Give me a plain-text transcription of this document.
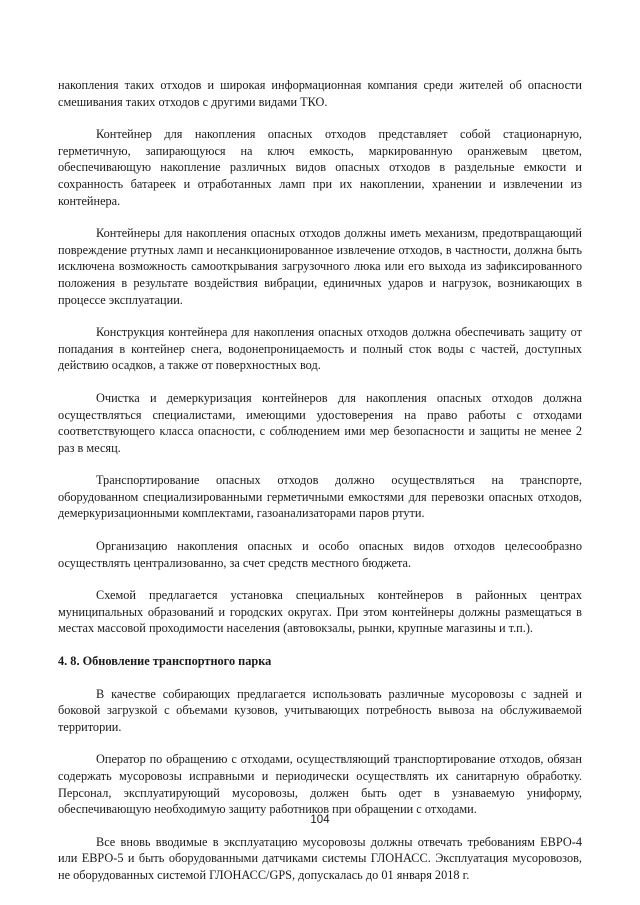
накопления таких отходов и широкая информационная компания среди жителей об опасности смешивания таких отходов с другими видами ТКО.

Контейнер для накопления опасных отходов представляет собой стационарную, герметичную, запирающуюся на ключ емкость, маркированную оранжевым цветом, обеспечивающую накопление различных видов опасных отходов в раздельные емкости и сохранность батареек и отработанных ламп при их накоплении, хранении и извлечении из контейнера.

Контейнеры для накопления опасных отходов должны иметь механизм, предотвращающий повреждение ртутных ламп и несанкционированное извлечение отходов, в частности, должна быть исключена возможность самооткрывания загрузочного люка или его выхода из зафиксированного положения в результате воздействия вибрации, единичных ударов и нагрузок, возникающих в процессе эксплуатации.

Конструкция контейнера для накопления опасных отходов должна обеспечивать защиту от попадания в контейнер снега, водонепроницаемость и полный сток воды с частей, доступных действию осадков, а также от поверхностных вод.

Очистка и демеркуризация контейнеров для накопления опасных отходов должна осуществляться специалистами, имеющими удостоверения на право работы с отходами соответствующего класса опасности, с соблюдением ими мер безопасности и защиты не менее 2 раз в месяц.

Транспортирование опасных отходов должно осуществляться на транспорте, оборудованном специализированными герметичными емкостями для перевозки опасных отходов, демеркуризационными комплектами, газоанализаторами паров ртути.

Организацию накопления опасных и особо опасных видов отходов целесообразно осуществлять централизованно, за счет средств местного бюджета.

Схемой предлагается установка специальных контейнеров в районных центрах муниципальных образований и городских округах. При этом контейнеры должны размещаться в местах массовой проходимости населения (автовокзалы, рынки, крупные магазины и т.п.).

4. 8. Обновление транспортного парка

В качестве собирающих предлагается использовать различные мусоровозы с задней и боковой загрузкой с объемами кузовов, учитывающих потребность вывоза на обслуживаемой территории.

Оператор по обращению с отходами, осуществляющий транспортирование отходов, обязан содержать мусоровозы исправными и периодически осуществлять их санитарную обработку. Персонал, эксплуатирующий мусоровозы, должен быть одет в узнаваемую униформу, обеспечивающую необходимую защиту работников при обращении с отходами.

Все вновь вводимые в эксплуатацию мусоровозы должны отвечать требованиям ЕВРО-4 или ЕВРО-5 и быть оборудованными датчиками системы ГЛОНАСС. Эксплуатация мусоровозов, не оборудованных системой ГЛОНАСС/GPS, допускалась до 01 января 2018 г.

104
